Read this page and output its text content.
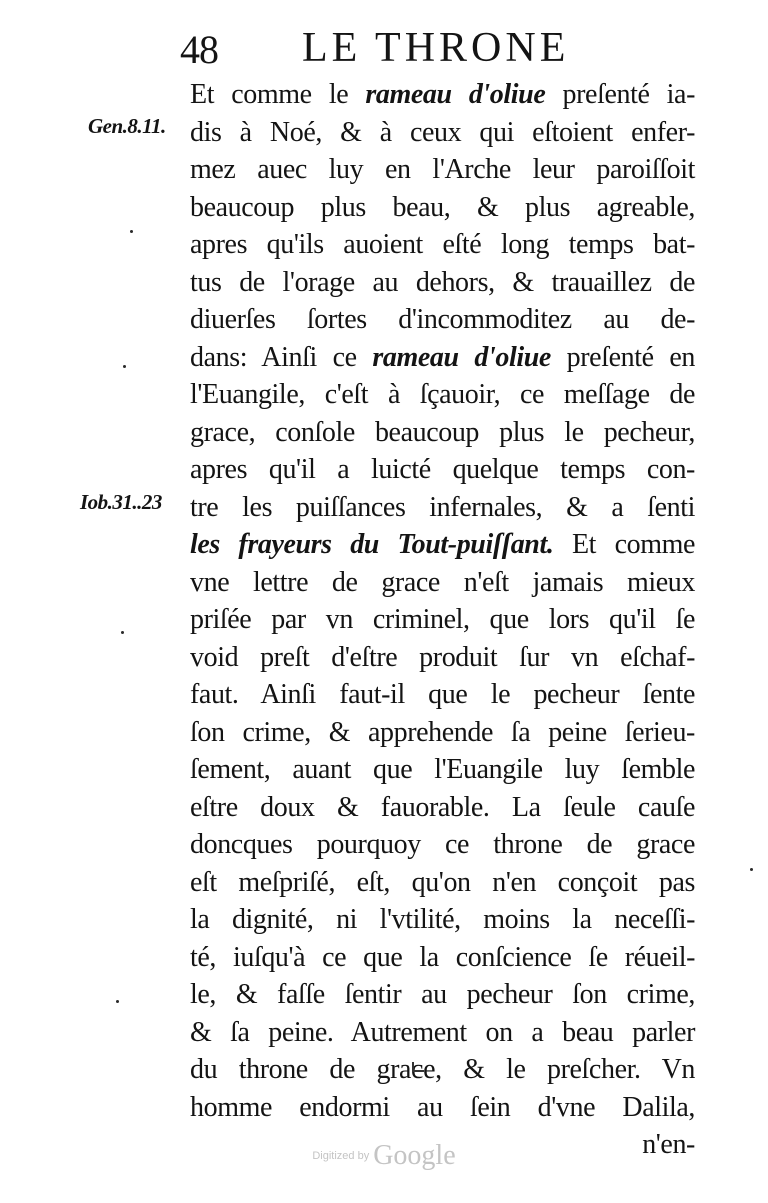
48 LE THRONE
Gen.8.11.
Iob.31..23
Et comme le rameau d'oliue preſenté ia-
dis à Noé, & à ceux qui eſtoient enfer-
mez auec luy en l'Arche leur paroiſſoit
beaucoup plus beau, & plus agreable,
apres qu'ils auoient eſté long temps bat-
tus de l'orage au dehors, & trauaillez de
diuerſes ſortes d'incommoditez au de-
dans: Ainſi ce rameau d'oliue preſenté en
l'Euangile, c'eſt à ſçauoir, ce meſſage de
grace, conſole beaucoup plus le pecheur,
apres qu'il a luicté quelque temps con-
tre les puiſſances infernales, & a ſenti
les frayeurs du Tout-puiſſant. Et comme
vne lettre de grace n'eſt jamais mieux
priſée par vn criminel, que lors qu'il ſe
void preſt d'eſtre produit ſur vn eſchaf-
faut. Ainſi faut-il que le pecheur ſente
ſon crime, & apprehende ſa peine ſerieu-
ſement, auant que l'Euangile luy ſemble
eſtre doux & fauorable. La ſeule cauſe
doncques pourquoy ce throne de grace
eſt meſpriſé, eſt, qu'on n'en conçoit pas
la dignité, ni l'vtilité, moins la neceſſi-
té, iuſqu'à ce que la conſcience ſe réueil-
le, & faſſe ſentir au pecheur ſon crime,
& ſa peine. Autrement on a beau parler
du throne de grace, & le preſcher. Vn
homme endormi au ſein d'vne Dalila,
n'en-
Digitized by Google
